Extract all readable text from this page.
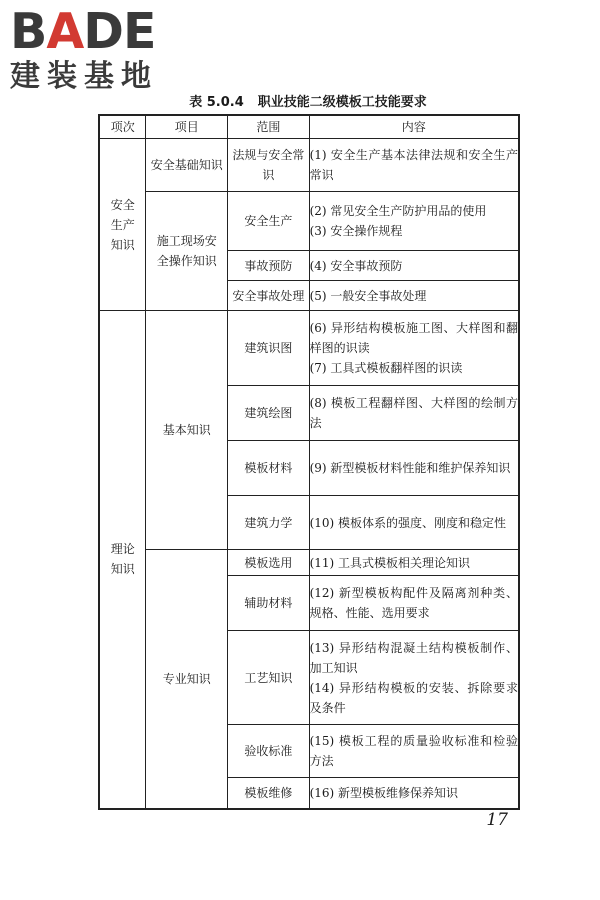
BADE
建装基地
表 5.0.4 职业技能二级模板工技能要求
项次	项目	范围	内容
安全生产知识	安全基础知识	法规与安全常识	(1) 安全生产基本法律法规和安全生产常识

	施工现场安全操作知识	安全生产	(2) 常见安全生产防护用品的使用
(3) 安全操作规程

		事故预防	(4) 安全事故预防

		安全事故处理	(5) 一般安全事故处理

理论知识	基本知识	建筑识图	(6) 异形结构模板施工图、大样图和翻样图的识读
(7) 工具式模板翻样图的识读

		建筑绘图	(8) 模板工程翻样图、大样图的绘制方法

		模板材料	(9) 新型模板材料性能和维护保养知识

		建筑力学	(10) 模板体系的强度、刚度和稳定性

	专业知识	模板选用	(11) 工具式模板相关理论知识

		辅助材料	(12) 新型模板构配件及隔离剂种类、规格、性能、选用要求

		工艺知识	(13) 异形结构混凝土结构模板制作、加工知识
(14) 异形结构模板的安装、拆除要求及条件

		验收标准	(15) 模板工程的质量验收标准和检验方法

		模板维修	(16) 新型模板维修保养知识
17
